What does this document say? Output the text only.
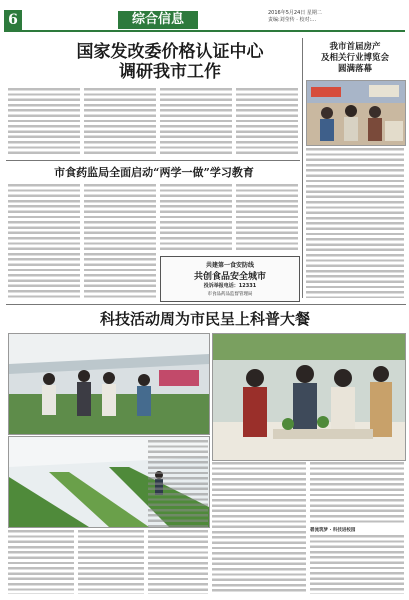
6	综合信息	2016年5月24日 星期二
责编:刘莹传 · 校对:…
国家发改委价格认证中心
调研我市工作
我市首届房产
及相关行业博览会
圆满落幕
市食药监局全面启动“两学一做”学习教育
共建第一食安防线
共创食品安全城市
投诉举报电话：12331
市食品药品监督管理局
科技活动周为市民呈上科普大餐
碧流筑梦 · 科技进校园
